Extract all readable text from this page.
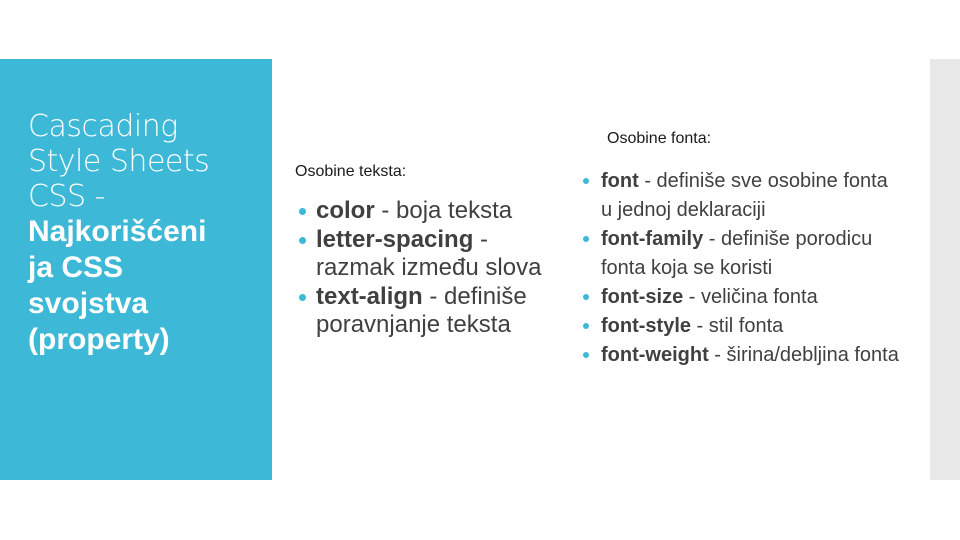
Cascading
Style Sheets
CSS -
Najkorišćeni
ja CSS
svojstva
(property)
Osobine teksta:
color - boja teksta
letter-spacing - razmak između slova
text-align - definiše poravnjanje teksta
Osobine fonta:
font - definiše sve osobine fonta u jednoj deklaraciji
font-family - definiše porodicu fonta koja se koristi
font-size - veličina fonta
font-style - stil fonta
font-weight - širina/debljina fonta
